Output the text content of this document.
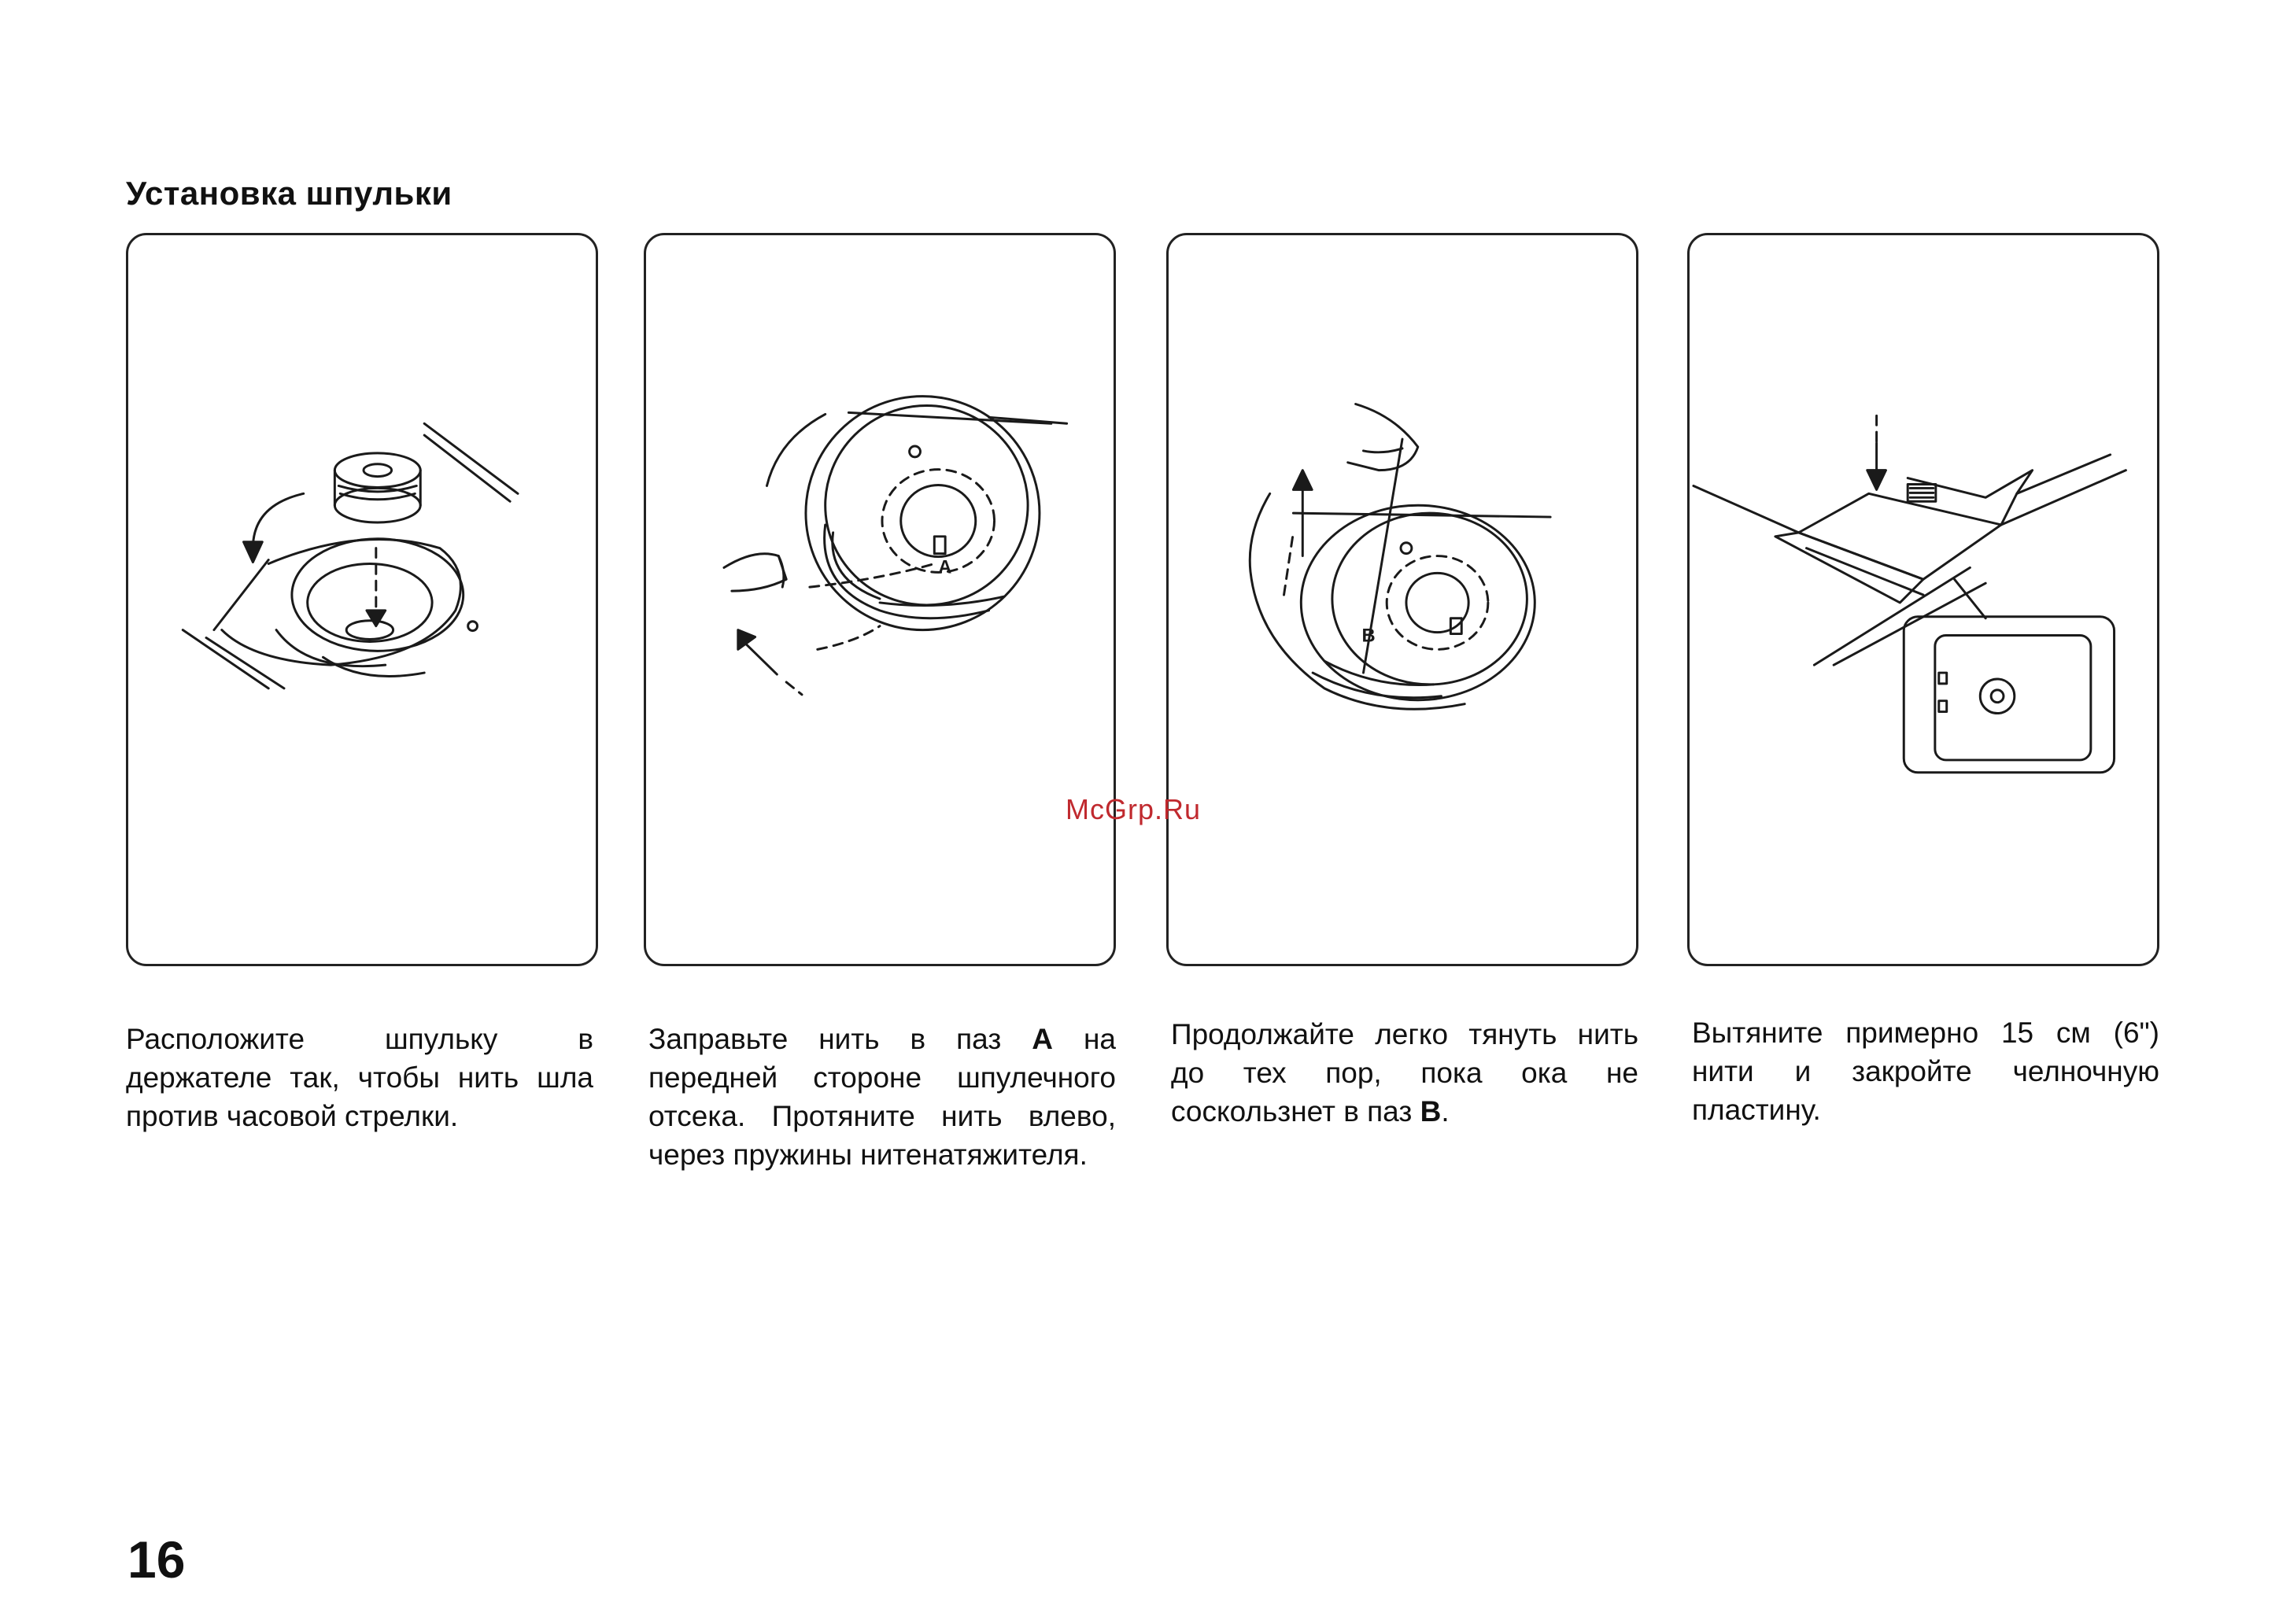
Установка шпульки
A
B
Расположите шпульку в держателе так, чтобы нить шла против часовой стрелки.
Заправьте нить в паз A на передней стороне шпулечного отсека. Протяните нить влево, через пружины нитенатяжителя.
Продолжайте легко тянуть нить до тех пор, пока ока не соскользнет в паз B.
Вытяните примерно 15 см (6") нити и закройте челночную пластину.
McGrp.Ru
16
